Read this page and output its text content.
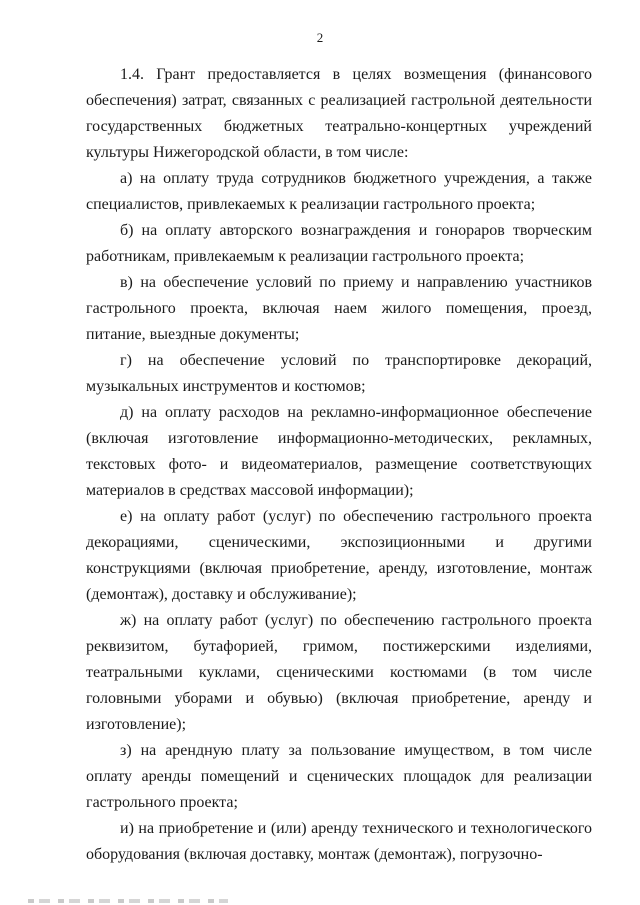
2

1.4. Грант предоставляется в целях возмещения (финансового обеспечения) затрат, связанных с реализацией гастрольной деятельности государственных бюджетных театрально-концертных учреждений культуры Нижегородской области, в том числе:

а) на оплату труда сотрудников бюджетного учреждения, а также специалистов, привлекаемых к реализации гастрольного проекта;

б) на оплату авторского вознаграждения и гонораров творческим работникам, привлекаемым к реализации гастрольного проекта;

в) на обеспечение условий по приему и направлению участников гастрольного проекта, включая наем жилого помещения, проезд, питание, выездные документы;

г) на обеспечение условий по транспортировке декораций, музыкальных инструментов и костюмов;

д) на оплату расходов на рекламно-информационное обеспечение (включая изготовление информационно-методических, рекламных, текстовых фото- и видеоматериалов, размещение соответствующих материалов в средствах массовой информации);

е) на оплату работ (услуг) по обеспечению гастрольного проекта декорациями, сценическими, экспозиционными и другими конструкциями (включая приобретение, аренду, изготовление, монтаж (демонтаж), доставку и обслуживание);

ж) на оплату работ (услуг) по обеспечению гастрольного проекта реквизитом, бутафорией, гримом, постижерскими изделиями, театральными куклами, сценическими костюмами (в том числе головными уборами и обувью) (включая приобретение, аренду и изготовление);

з) на арендную плату за пользование имуществом, в том числе оплату аренды помещений и сценических площадок для реализации гастрольного проекта;

и) на приобретение и (или) аренду технического и технологического оборудования (включая доставку, монтаж (демонтаж), погрузочно-
